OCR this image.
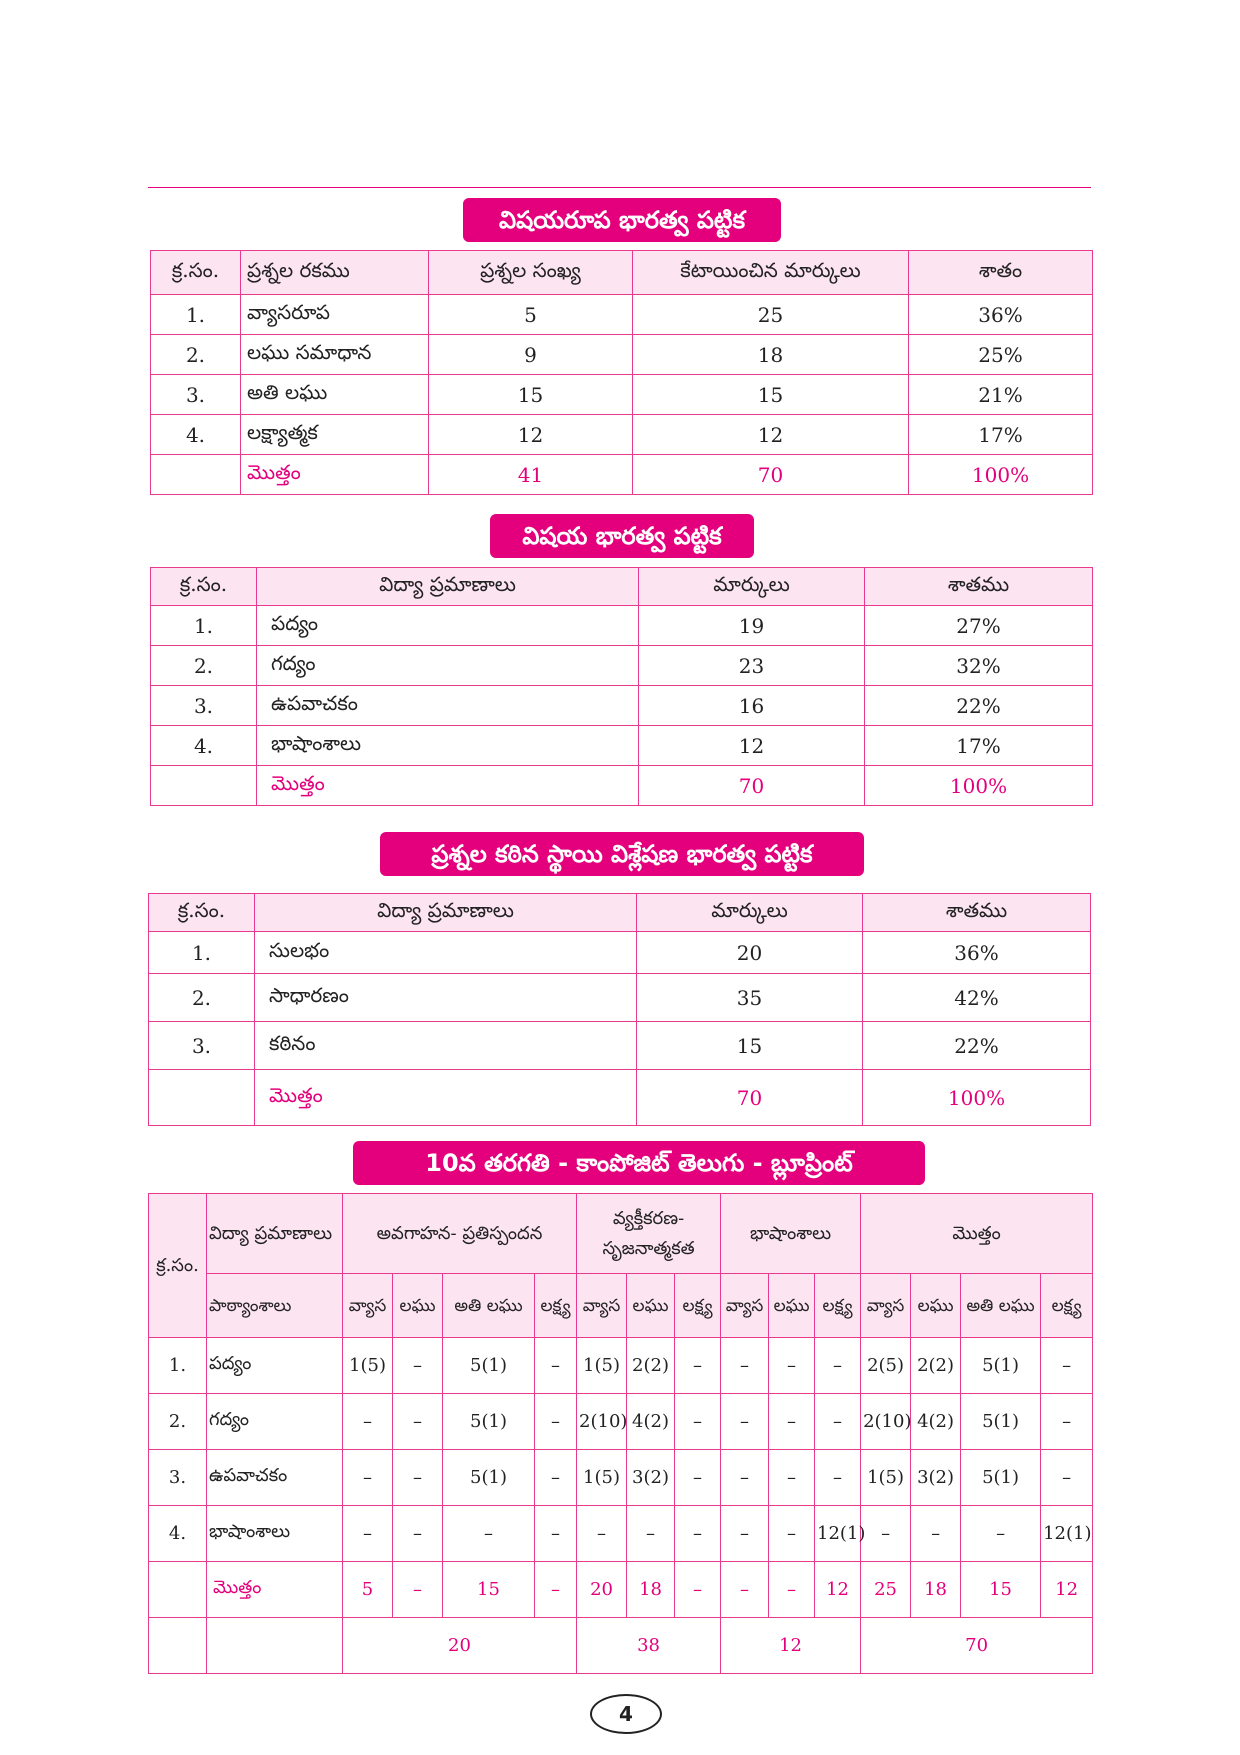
విషయరూప భారత్వ పట్టిక
క్ర.సం.	ప్రశ్నల రకము	ప్రశ్నల సంఖ్య	కేటాయించిన మార్కులు	శాతం
1.	వ్యాసరూప	5	25	36%
2.	లఘు సమాధాన	9	18	25%
3.	అతి లఘు	15	15	21%
4.	లక్ష్యాత్మక	12	12	17%
	మొత్తం	41	70	100%
విషయ భారత్వ పట్టిక
క్ర.సం.	విద్యా ప్రమాణాలు	మార్కులు	శాతము
1.	పద్యం	19	27%
2.	గద్యం	23	32%
3.	ఉపవాచకం	16	22%
4.	భాషాంశాలు	12	17%
	మొత్తం	70	100%
ప్రశ్నల కఠిన స్థాయి విశ్లేషణ భారత్వ పట్టిక
క్ర.సం.	విద్యా ప్రమాణాలు	మార్కులు	శాతము
1.	సులభం	20	36%
2.	సాధారణం	35	42%
3.	కఠినం	15	22%
	మొత్తం	70	100%
10వ తరగతి - కాంపోజిట్ తెలుగు - బ్లూప్రింట్
క్ర.సం.	విద్యా ప్రమాణాలు	అవగాహన- ప్రతిస్పందన				వ్యక్తీకరణ- సృజనాత్మకత			భాషాంశాలు			మొత్తం			
	పాఠ్యాంశాలు	వ్యాస	లఘు	అతి లఘు	లక్ష్య	వ్యాస	లఘు	లక్ష్య	వ్యాస	లఘు	లక్ష్య	వ్యాస	లఘు	అతి లఘు	లక్ష్య
1.	పద్యం	1(5)	–	5(1)	–	1(5)	2(2)	–	–	–	–	2(5)	2(2)	5(1)	–
2.	గద్యం	–	–	5(1)	–	2(10)	4(2)	–	–	–	–	2(10)	4(2)	5(1)	–
3.	ఉపవాచకం	–	–	5(1)	–	1(5)	3(2)	–	–	–	–	1(5)	3(2)	5(1)	–
4.	భాషాంశాలు	–	–	–	–	–	–	–	–	–	12(1)	–	–	–	12(1)
	మొత్తం	5	–	15	–	20	18	–	–	–	12	25	18	15	12
		20				38			12			70			
4
